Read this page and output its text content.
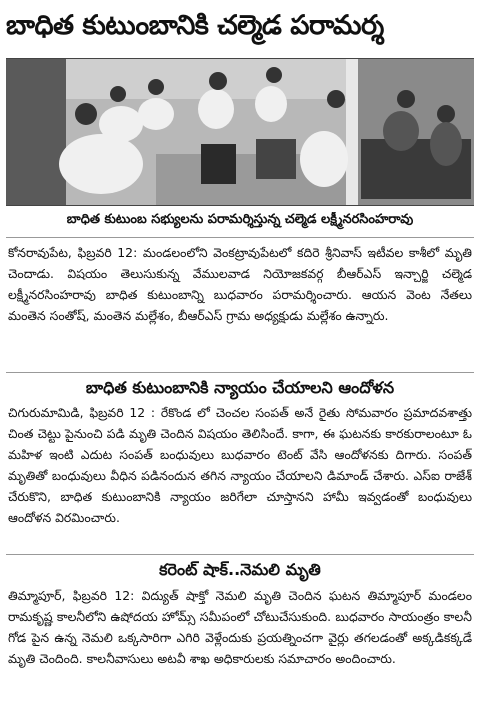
బాధిత కుటుంబానికి చల్మెడ పరామర్శ
బాధిత కుటుంబ సభ్యులను పరామర్శిస్తున్న చల్మెడ లక్ష్మీనరసింహరావు

కోనరావుపేట, ఫిబ్రవరి 12: మండలంలోని వెంకట్రావుపేటలో కదిరె శ్రీనివాస్ ఇటీవల కాశీలో మృతి చెందాడు. విషయం తెలుసుకున్న వేములవాడ నియోజకవర్గ బీఆర్ఎస్ ఇన్చార్జి చల్మెడ లక్ష్మీనరసింహరావు బాధిత కుటుంబాన్ని బుధవారం పరామర్శించారు. ఆయన వెంట నేతలు మంతెన సంతోష్, మంతెన మల్లేశం, బీఆర్ఎస్ గ్రామ అధ్యక్షుడు మల్లేశం ఉన్నారు.

బాధిత కుటుంబానికి న్యాయం చేయాలని ఆందోళన

చిగురుమామిడి, ఫిబ్రవరి 12 : రేకొండ లో చెంచల సంపత్ అనే రైతు సోమవారం ప్రమాదవశాత్తు చింత చెట్టు పైనుంచి పడి మృతి చెందిన విషయం తెలిసిందే. కాగా, ఈ ఘటనకు కారకురాలంటూ ఓ మహిళ ఇంటి ఎదుట సంపత్ బంధువులు బుధవారం టెంట్ వేసి ఆందోళనకు దిగారు. సంపత్ మృతితో బంధువులు వీధిన పడినందున తగిన న్యాయం చేయాలని డిమాండ్ చేశారు. ఎస్ఐ రాజేశ్ చేరుకొని, బాధిత కుటుంబానికి న్యాయం జరిగేలా చూస్తానని హామీ ఇవ్వడంతో బంధువులు ఆందోళన విరమించారు.

కరెంట్ షాక్..నెమలి మృతి

తిమ్మాపూర్, ఫిబ్రవరి 12: విద్యుత్ షాక్తో నెమలి మృతి చెందిన ఘటన తిమ్మాపూర్ మండలం రామకృష్ణ కాలనీలోని ఉషోదయ హోమ్స్ సమీపంలో చోటుచేసుకుంది. బుధవారం సాయంత్రం కాలనీ గోడ పైన ఉన్న నెమలి ఒక్కసారిగా ఎగిరి వెళ్లేందుకు ప్రయత్నించగా వైర్లు తగలడంతో అక్కడికక్కడే మృతి చెందింది. కాలనీవాసులు అటవీ శాఖ అధికారులకు సమాచారం అందించారు.
